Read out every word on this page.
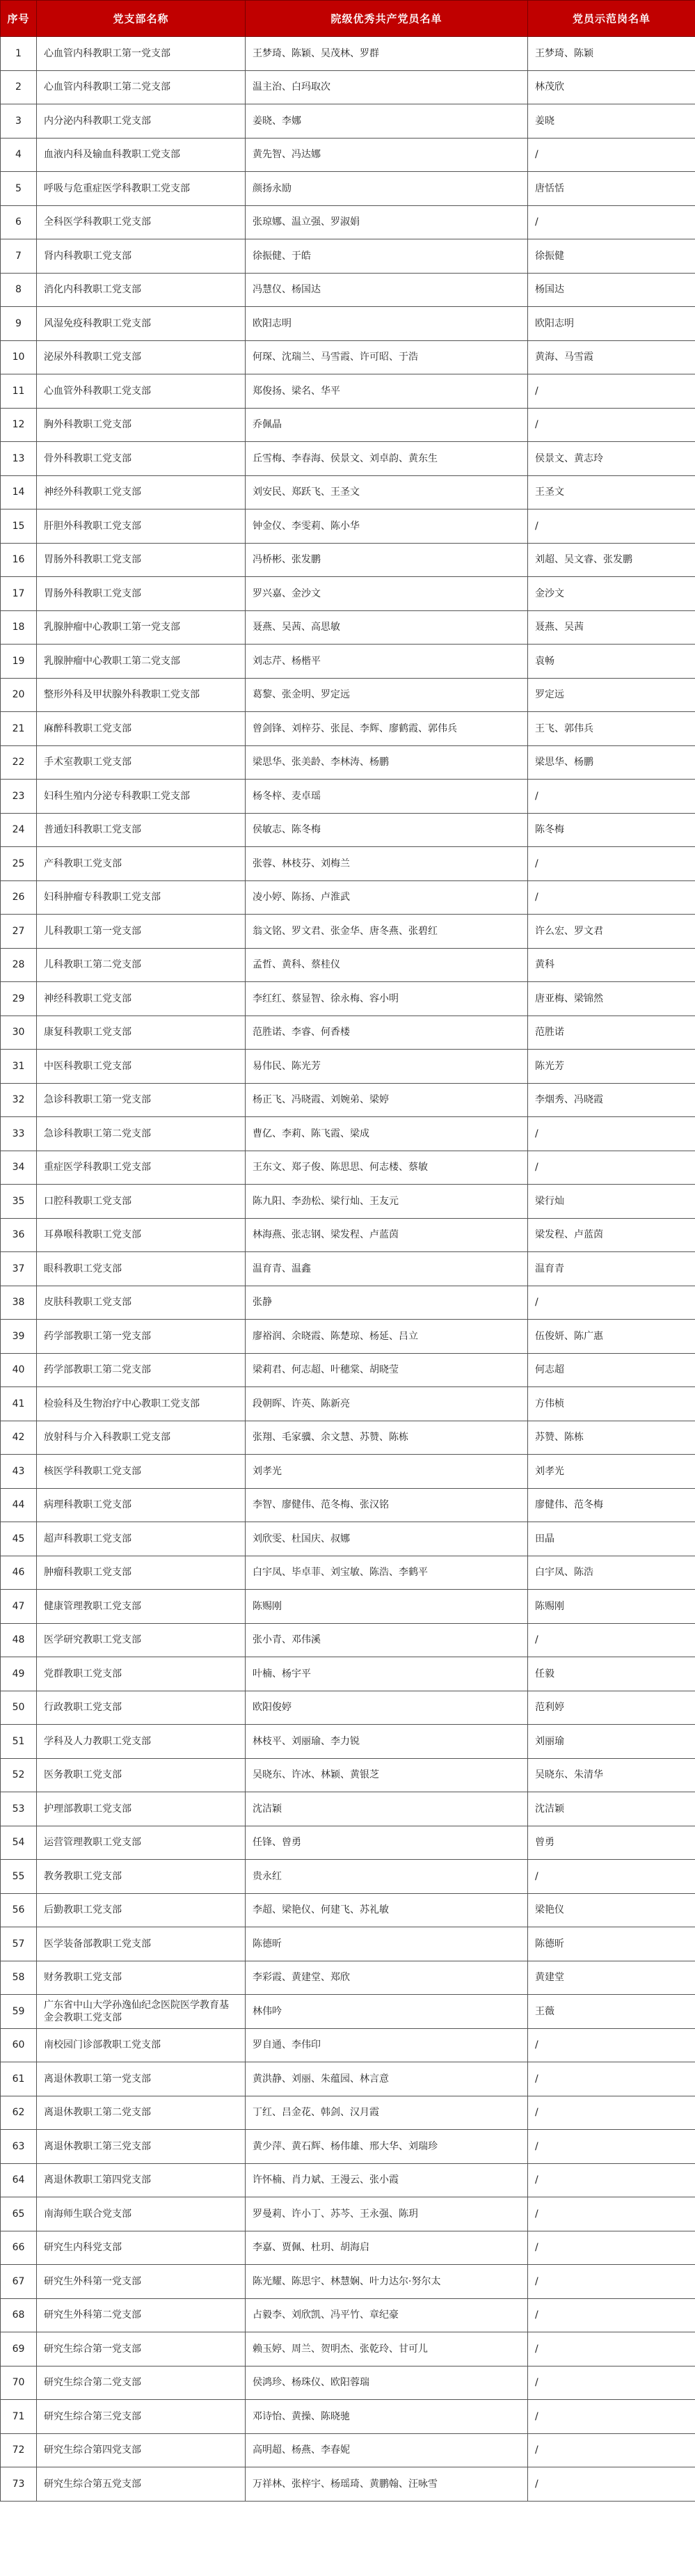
序号	党支部名称	院级优秀共产党员名单	党员示范岗名单
1	心血管内科教职工第一党支部	王梦琦、陈颖、吴茂林、罗群	王梦琦、陈颖
2	心血管内科教职工第二党支部	温主治、白玛取次	林茂欣
3	内分泌内科教职工党支部	姜晓、李娜	姜晓
4	血液内科及输血科教职工党支部	黄先智、冯达娜	/
5	呼吸与危重症医学科教职工党支部	颜扬永励	唐恬恬
6	全科医学科教职工党支部	张琼娜、温立强、罗淑娟	/
7	肾内科教职工党支部	徐振健、于皓	徐振健
8	消化内科教职工党支部	冯慧仪、杨国达	杨国达
9	风湿免疫科教职工党支部	欧阳志明	欧阳志明
10	泌尿外科教职工党支部	何琛、沈瑞兰、马雪霞、许可昭、于浩	黄海、马雪霞
11	心血管外科教职工党支部	郑俊扬、梁名、华平	/
12	胸外科教职工党支部	乔佩晶	/
13	骨外科教职工党支部	丘雪梅、李春海、侯景文、刘卓韵、黄东生	侯景文、黄志玲
14	神经外科教职工党支部	刘安民、郑跃飞、王圣文	王圣文
15	肝胆外科教职工党支部	钟金仪、李雯莉、陈小华	/
16	胃肠外科教职工党支部	冯桥彬、张发鹏	刘超、吴文睿、张发鹏
17	胃肠外科教职工党支部	罗兴嘉、金沙文	金沙文
18	乳腺肿瘤中心教职工第一党支部	聂燕、吴茜、高思敏	聂燕、吴茜
19	乳腺肿瘤中心教职工第二党支部	刘志芹、杨楷平	袁畅
20	整形外科及甲状腺外科教职工党支部	葛黎、张金明、罗定远	罗定远
21	麻醉科教职工党支部	曾剑锋、刘梓芬、张昆、李辉、廖鹤霞、郭伟兵	王飞、郭伟兵
22	手术室教职工党支部	梁思华、张美龄、李林涛、杨鹏	梁思华、杨鹏
23	妇科生殖内分泌专科教职工党支部	杨冬梓、麦卓瑶	/
24	普通妇科教职工党支部	侯敏志、陈冬梅	陈冬梅
25	产科教职工党支部	张蓉、林枝芬、刘梅兰	/
26	妇科肿瘤专科教职工党支部	凌小婷、陈扬、卢淮武	/
27	儿科教职工第一党支部	翁文铭、罗文君、张金华、唐冬燕、张碧红	许么宏、罗文君
28	儿科教职工第二党支部	孟哲、黄科、蔡桂仪	黄科
29	神经科教职工党支部	李红红、蔡显智、徐永梅、容小明	唐亚梅、梁锦然
30	康复科教职工党支部	范胜诺、李睿、何香楼	范胜诺
31	中医科教职工党支部	易伟民、陈光芳	陈光芳
32	急诊科教职工第一党支部	杨正飞、冯晓霞、刘婉弟、梁婷	李烟秀、冯晓霞
33	急诊科教职工第二党支部	曹亿、李莉、陈飞霞、梁成	/
34	重症医学科教职工党支部	王东文、郑子俊、陈思思、何志楼、蔡敏	/
35	口腔科教职工党支部	陈九阳、李劲松、梁行灿、王友元	梁行灿
36	耳鼻喉科教职工党支部	林海燕、张志钢、梁发程、卢蓝茵	梁发程、卢蓝茵
37	眼科教职工党支部	温育青、温鑫	温育青
38	皮肤科教职工党支部	张静	/
39	药学部教职工第一党支部	廖裕润、余晓霞、陈楚琼、杨延、吕立	伍俊妍、陈广惠
40	药学部教职工第二党支部	梁莉君、何志超、叶穗棠、胡晓莹	何志超
41	检验科及生物治疗中心教职工党支部	段朝晖、许英、陈新亮	方伟桢
42	放射科与介入科教职工党支部	张翔、毛家骥、余文慧、苏赞、陈栋	苏赞、陈栋
43	核医学科教职工党支部	刘孝光	刘孝光
44	病理科教职工党支部	李智、廖健伟、范冬梅、张汉铭	廖健伟、范冬梅
45	超声科教职工党支部	刘欣雯、杜国庆、叔娜	田晶
46	肿瘤科教职工党支部	白宇凤、毕卓菲、刘宝敏、陈浩、李鹤平	白宇凤、陈浩
47	健康管理教职工党支部	陈赐刚	陈赐刚
48	医学研究教职工党支部	张小青、邓伟溪	/
49	党群教职工党支部	叶楠、杨宇平	任毅
50	行政教职工党支部	欧阳俊婷	范利婷
51	学科及人力教职工党支部	林枝平、刘丽瑜、李力锐	刘丽瑜
52	医务教职工党支部	吴晓东、许冰、林颖、黄银芝	吴晓东、朱清华
53	护理部教职工党支部	沈洁颖	沈洁颖
54	运营管理教职工党支部	任锋、曾勇	曾勇
55	教务教职工党支部	贵永红	/
56	后勤教职工党支部	李超、梁艳仪、何建飞、苏礼敏	梁艳仪
57	医学装备部教职工党支部	陈德昕	陈德昕
58	财务教职工党支部	李彩霞、黄建堂、郑欣	黄建堂
59	广东省中山大学孙逸仙纪念医院医学教育基金会教职工党支部	林伟吟	王薇
60	南校园门诊部教职工党支部	罗自通、李伟印	/
61	离退休教职工第一党支部	黄洪静、刘丽、朱蕴园、林言意	/
62	离退休教职工第二党支部	丁红、吕金花、韩剑、汉月霞	/
63	离退休教职工第三党支部	黄少萍、黄石辉、杨伟雄、邢大华、刘瑞珍	/
64	离退休教职工第四党支部	许怀楠、肖力斌、王漫云、张小霞	/
65	南海师生联合党支部	罗曼莉、许小丁、苏芩、王永强、陈玥	/
66	研究生内科党支部	李嘉、贾佩、杜玥、胡海启	/
67	研究生外科第一党支部	陈光耀、陈思宇、林慧娴、叶力达尔·努尔太	/
68	研究生外科第二党支部	占毅李、刘欣凯、冯平竹、章纪豪	/
69	研究生综合第一党支部	赖玉婷、周兰、贺明杰、张乾玲、甘可儿	/
70	研究生综合第二党支部	侯鸿珍、杨珠仪、欧阳蓉瑞	/
71	研究生综合第三党支部	邓诗怡、黄操、陈晓驰	/
72	研究生综合第四党支部	高明超、杨燕、李春妮	/
73	研究生综合第五党支部	万祥林、张梓宇、杨瑶琦、黄鹏翰、汪咏雪	/
